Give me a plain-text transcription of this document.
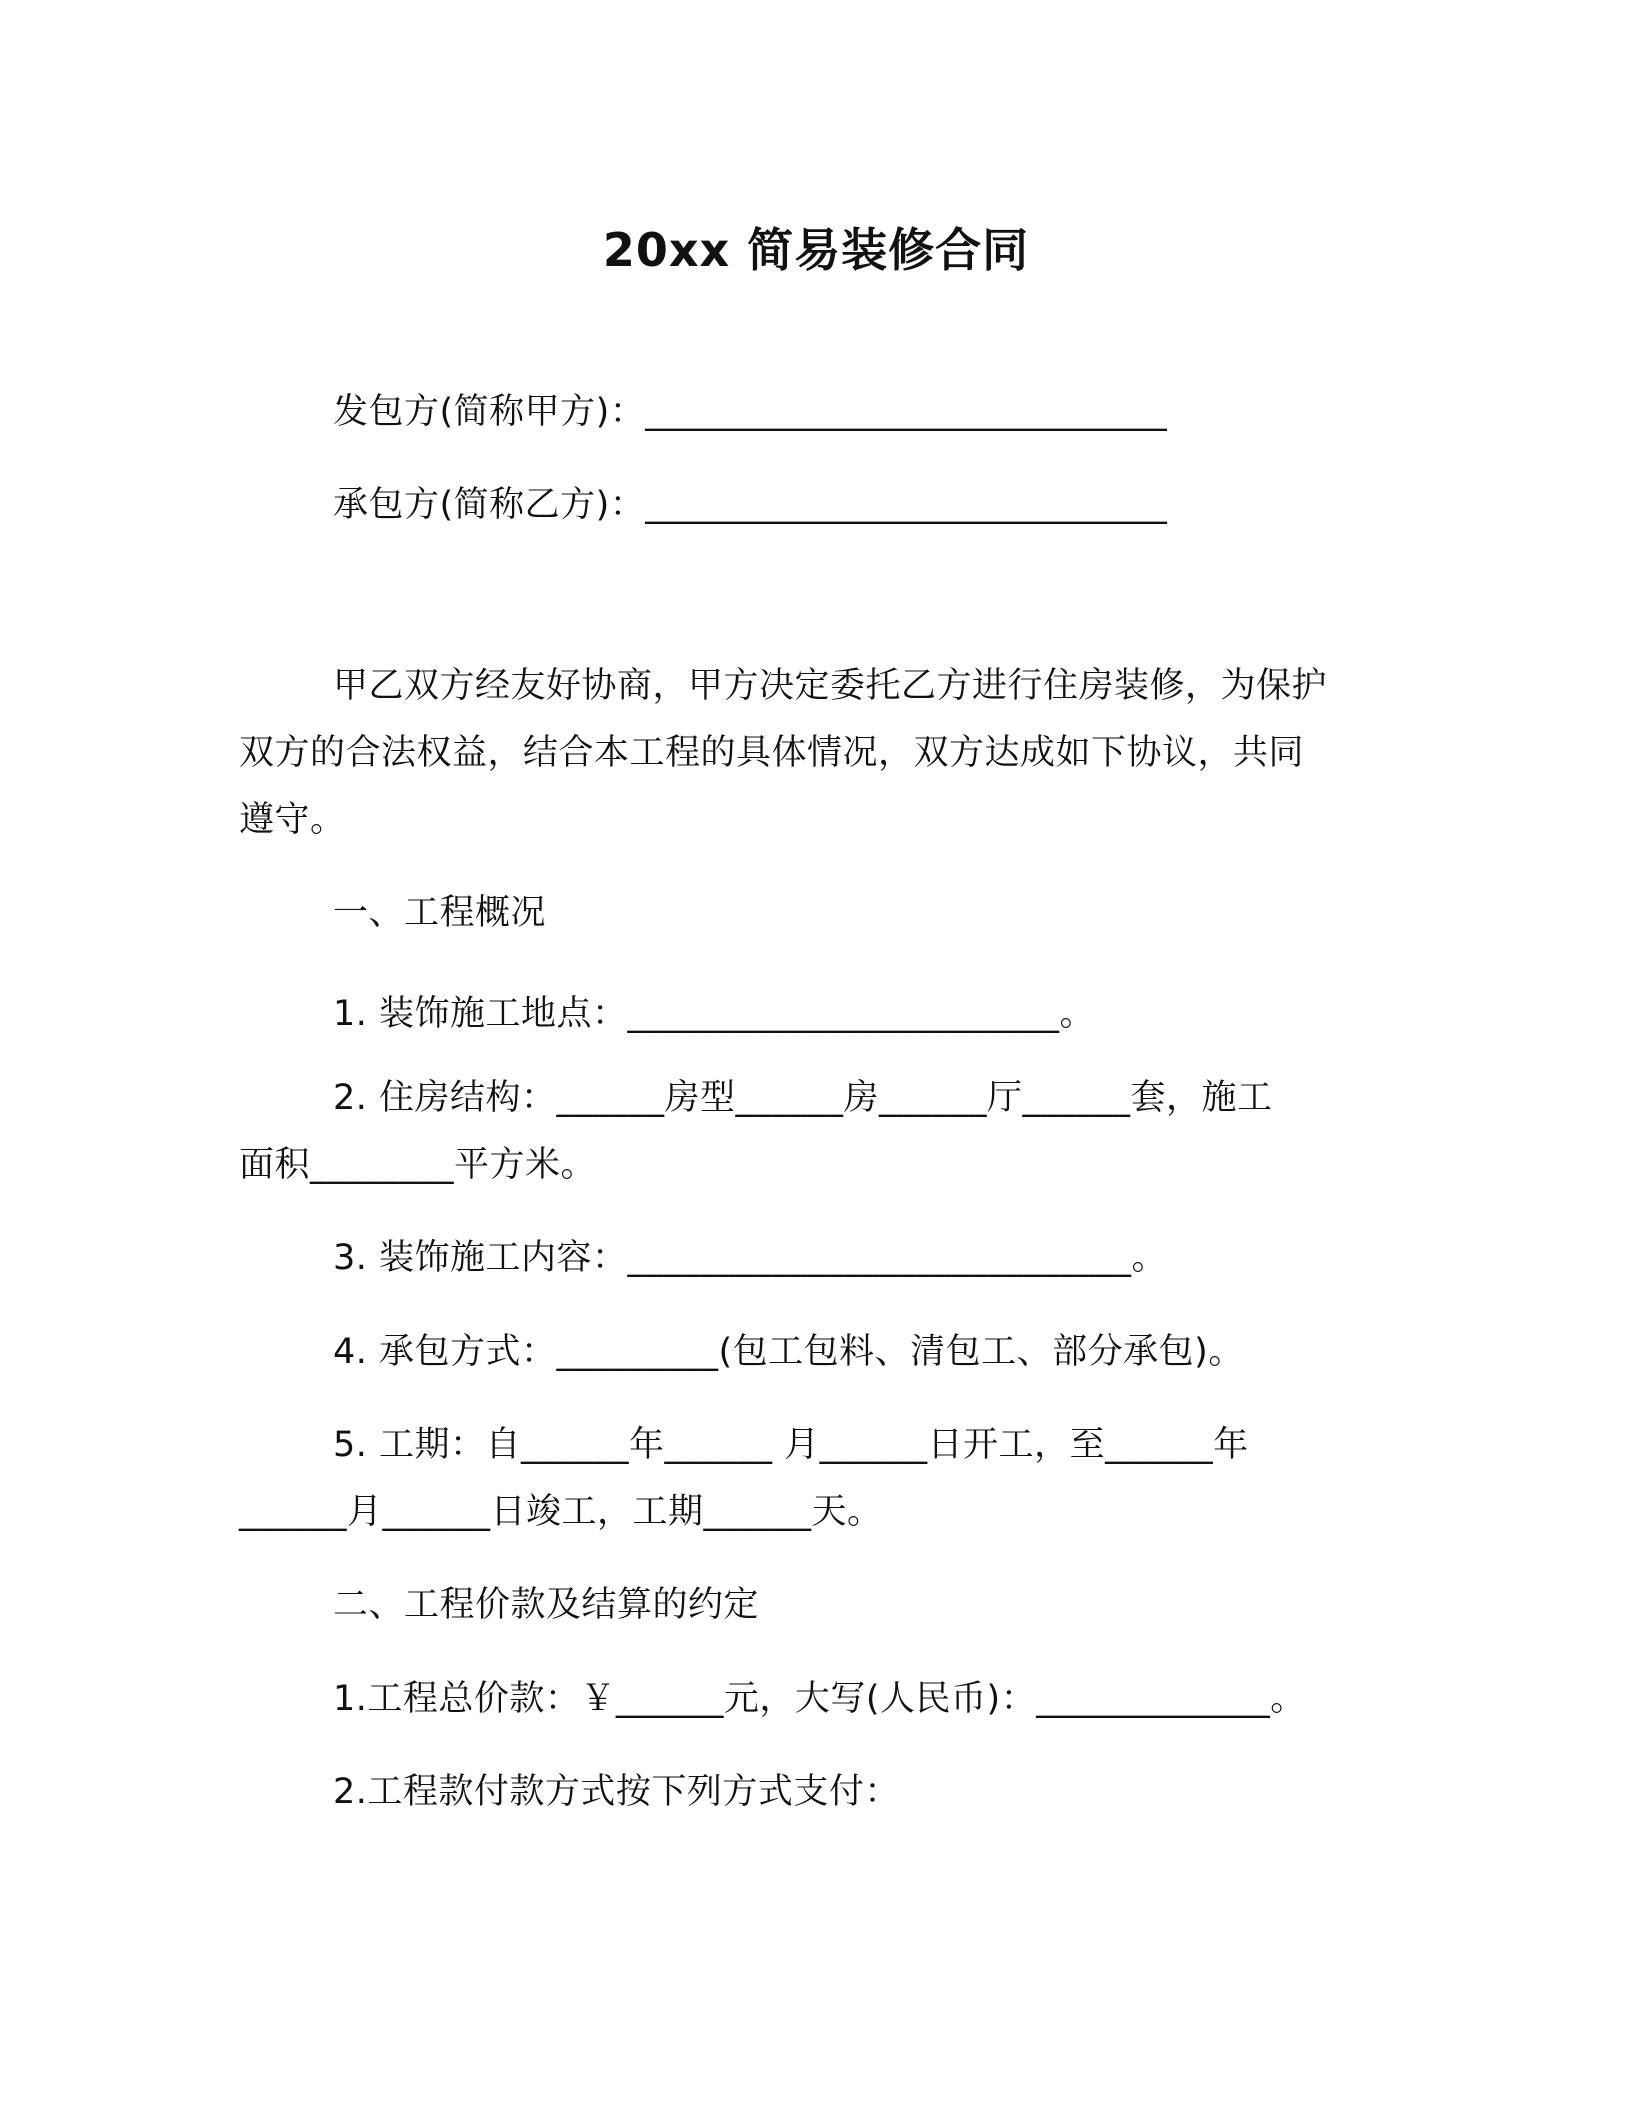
20xx 简易装修合同
发包方(简称甲方)：_____________________________
承包方(简称乙方)：_____________________________
甲乙双方经友好协商，甲方决定委托乙方进行住房装修，为保护
双方的合法权益，结合本工程的具体情况，双方达成如下协议，共同
遵守。
一、工程概况
1. 装饰施工地点：________________________。
2. 住房结构：______房型______房______厅______套，施工
面积________平方米。
3. 装饰施工内容：____________________________。
4. 承包方式：_________(包工包料、清包工、部分承包)。
5. 工期：自______年______ 月______日开工，至______年
______月______日竣工，工期______天。
二、工程价款及结算的约定
1.工程总价款：￥______元，大写(人民币)：_____________。
2.工程款付款方式按下列方式支付：
